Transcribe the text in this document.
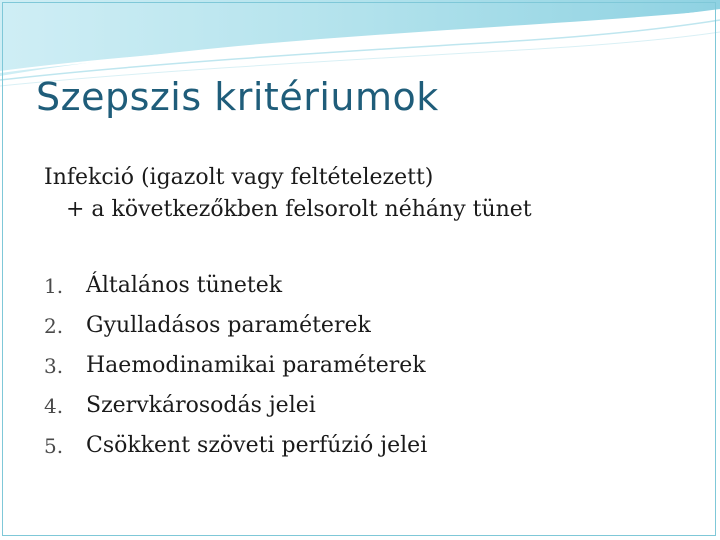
Szepszis kritériumok
Infekció (igazolt vagy feltételezett)
+ a következőkben felsorolt néhány tünet
1.	Általános tünetek
2.	Gyulladásos paraméterek
3.	Haemodinamikai paraméterek
4.	Szervkárosodás jelei
5.	Csökkent szöveti perfúzió jelei
